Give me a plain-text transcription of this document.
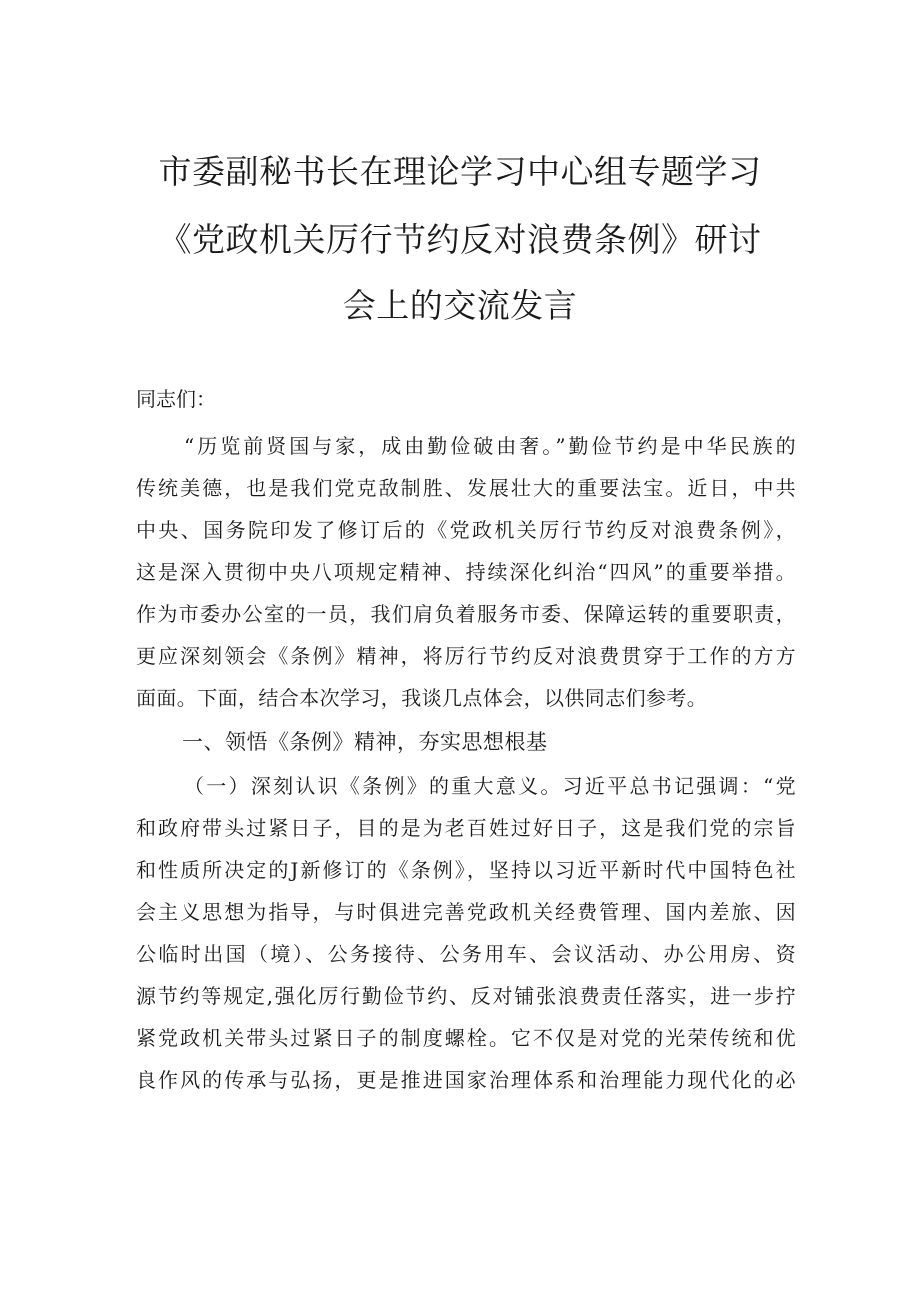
市委副秘书长在理论学习中心组专题学习
《党政机关厉行节约反对浪费条例》研讨
会上的交流发言
同志们：
“历览前贤国与家，成由勤俭破由奢。”勤俭节约是中华民族的
传统美德，也是我们党克敌制胜、发展壮大的重要法宝。近日，中共
中央、国务院印发了修订后的《党政机关厉行节约反对浪费条例》，
这是深入贯彻中央八项规定精神、持续深化纠治“四风”的重要举措。
作为市委办公室的一员，我们肩负着服务市委、保障运转的重要职责，
更应深刻领会《条例》精神，将厉行节约反对浪费贯穿于工作的方方
面面。下面，结合本次学习，我谈几点体会，以供同志们参考。
一、领悟《条例》精神，夯实思想根基
（一）深刻认识《条例》的重大意义。习近平总书记强调：“党
和政府带头过紧日子，目的是为老百姓过好日子，这是我们党的宗旨
和性质所决定的J新修订的《条例》，坚持以习近平新时代中国特色社
会主义思想为指导，与时俱进完善党政机关经费管理、国内差旅、因
公临时出国（境）、公务接待、公务用车、会议活动、办公用房、资
源节约等规定,强化厉行勤俭节约、反对铺张浪费责任落实，进一步拧
紧党政机关带头过紧日子的制度螺栓。它不仅是对党的光荣传统和优
良作风的传承与弘扬，更是推进国家治理体系和治理能力现代化的必
